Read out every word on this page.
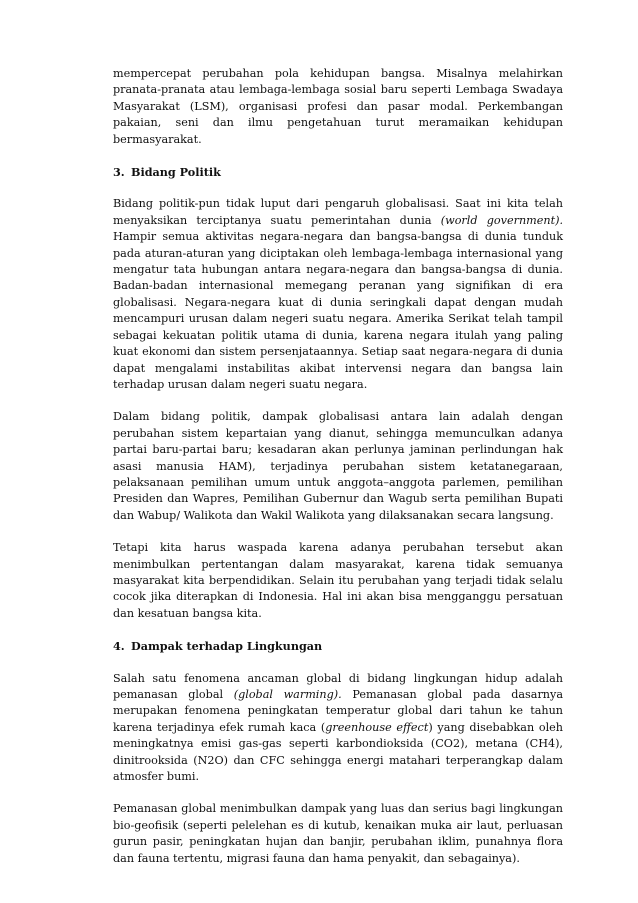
mempercepat perubahan pola kehidupan bangsa. Misalnya melahirkan pranata-pranata atau lembaga-lembaga sosial baru seperti Lembaga Swadaya Masyarakat (LSM), organisasi profesi dan pasar modal. Perkembangan pakaian, seni dan ilmu pengetahuan turut meramaikan kehidupan bermasyarakat.

3. Bidang Politik

Bidang politik-pun tidak luput dari pengaruh globalisasi. Saat ini kita telah menyaksikan terciptanya suatu pemerintahan dunia (world government). Hampir semua aktivitas negara-negara dan bangsa-bangsa di dunia tunduk pada aturan-aturan yang diciptakan oleh lembaga-lembaga internasional yang mengatur tata hubungan antara negara-negara dan bangsa-bangsa di dunia. Badan-badan internasional memegang peranan yang signifikan di era globalisasi. Negara-negara kuat di dunia seringkali dapat dengan mudah mencampuri urusan dalam negeri suatu negara. Amerika Serikat telah tampil sebagai kekuatan politik utama di dunia, karena negara itulah yang paling kuat ekonomi dan sistem persenjataannya. Setiap saat negara-negara di dunia dapat mengalami instabilitas akibat intervensi negara dan bangsa lain terhadap urusan dalam negeri suatu negara.

Dalam bidang politik, dampak globalisasi antara lain adalah dengan perubahan sistem kepartaian yang dianut, sehingga memunculkan adanya partai baru-partai baru; kesadaran akan perlunya jaminan perlindungan hak asasi manusia HAM), terjadinya perubahan sistem ketatanegaraan, pelaksanaan pemilihan umum untuk anggota–anggota parlemen, pemilihan Presiden dan Wapres, Pemilihan Gubernur dan Wagub serta pemilihan Bupati dan Wabup/ Walikota dan Wakil Walikota yang dilaksanakan secara langsung.

Tetapi kita harus waspada karena adanya perubahan tersebut akan menimbulkan pertentangan dalam masyarakat, karena tidak semuanya masyarakat kita berpendidikan. Selain itu perubahan yang terjadi tidak selalu cocok jika diterapkan di Indonesia. Hal ini akan bisa mengganggu persatuan dan kesatuan bangsa kita.

4. Dampak terhadap Lingkungan

Salah satu fenomena ancaman global di bidang lingkungan hidup adalah pemanasan global (global warming). Pemanasan global pada dasarnya merupakan fenomena peningkatan temperatur global dari tahun ke tahun karena terjadinya efek rumah kaca (greenhouse effect) yang disebabkan oleh meningkatnya emisi gas-gas seperti karbondioksida (CO2), metana (CH4), dinitrooksida (N2O) dan CFC sehingga energi matahari terperangkap dalam atmosfer bumi.

Pemanasan global menimbulkan dampak yang luas dan serius bagi lingkungan bio-geofisik (seperti pelelehan es di kutub, kenaikan muka air laut, perluasan gurun pasir, peningkatan hujan dan banjir, perubahan iklim, punahnya flora dan fauna tertentu, migrasi fauna dan hama penyakit, dan sebagainya).
